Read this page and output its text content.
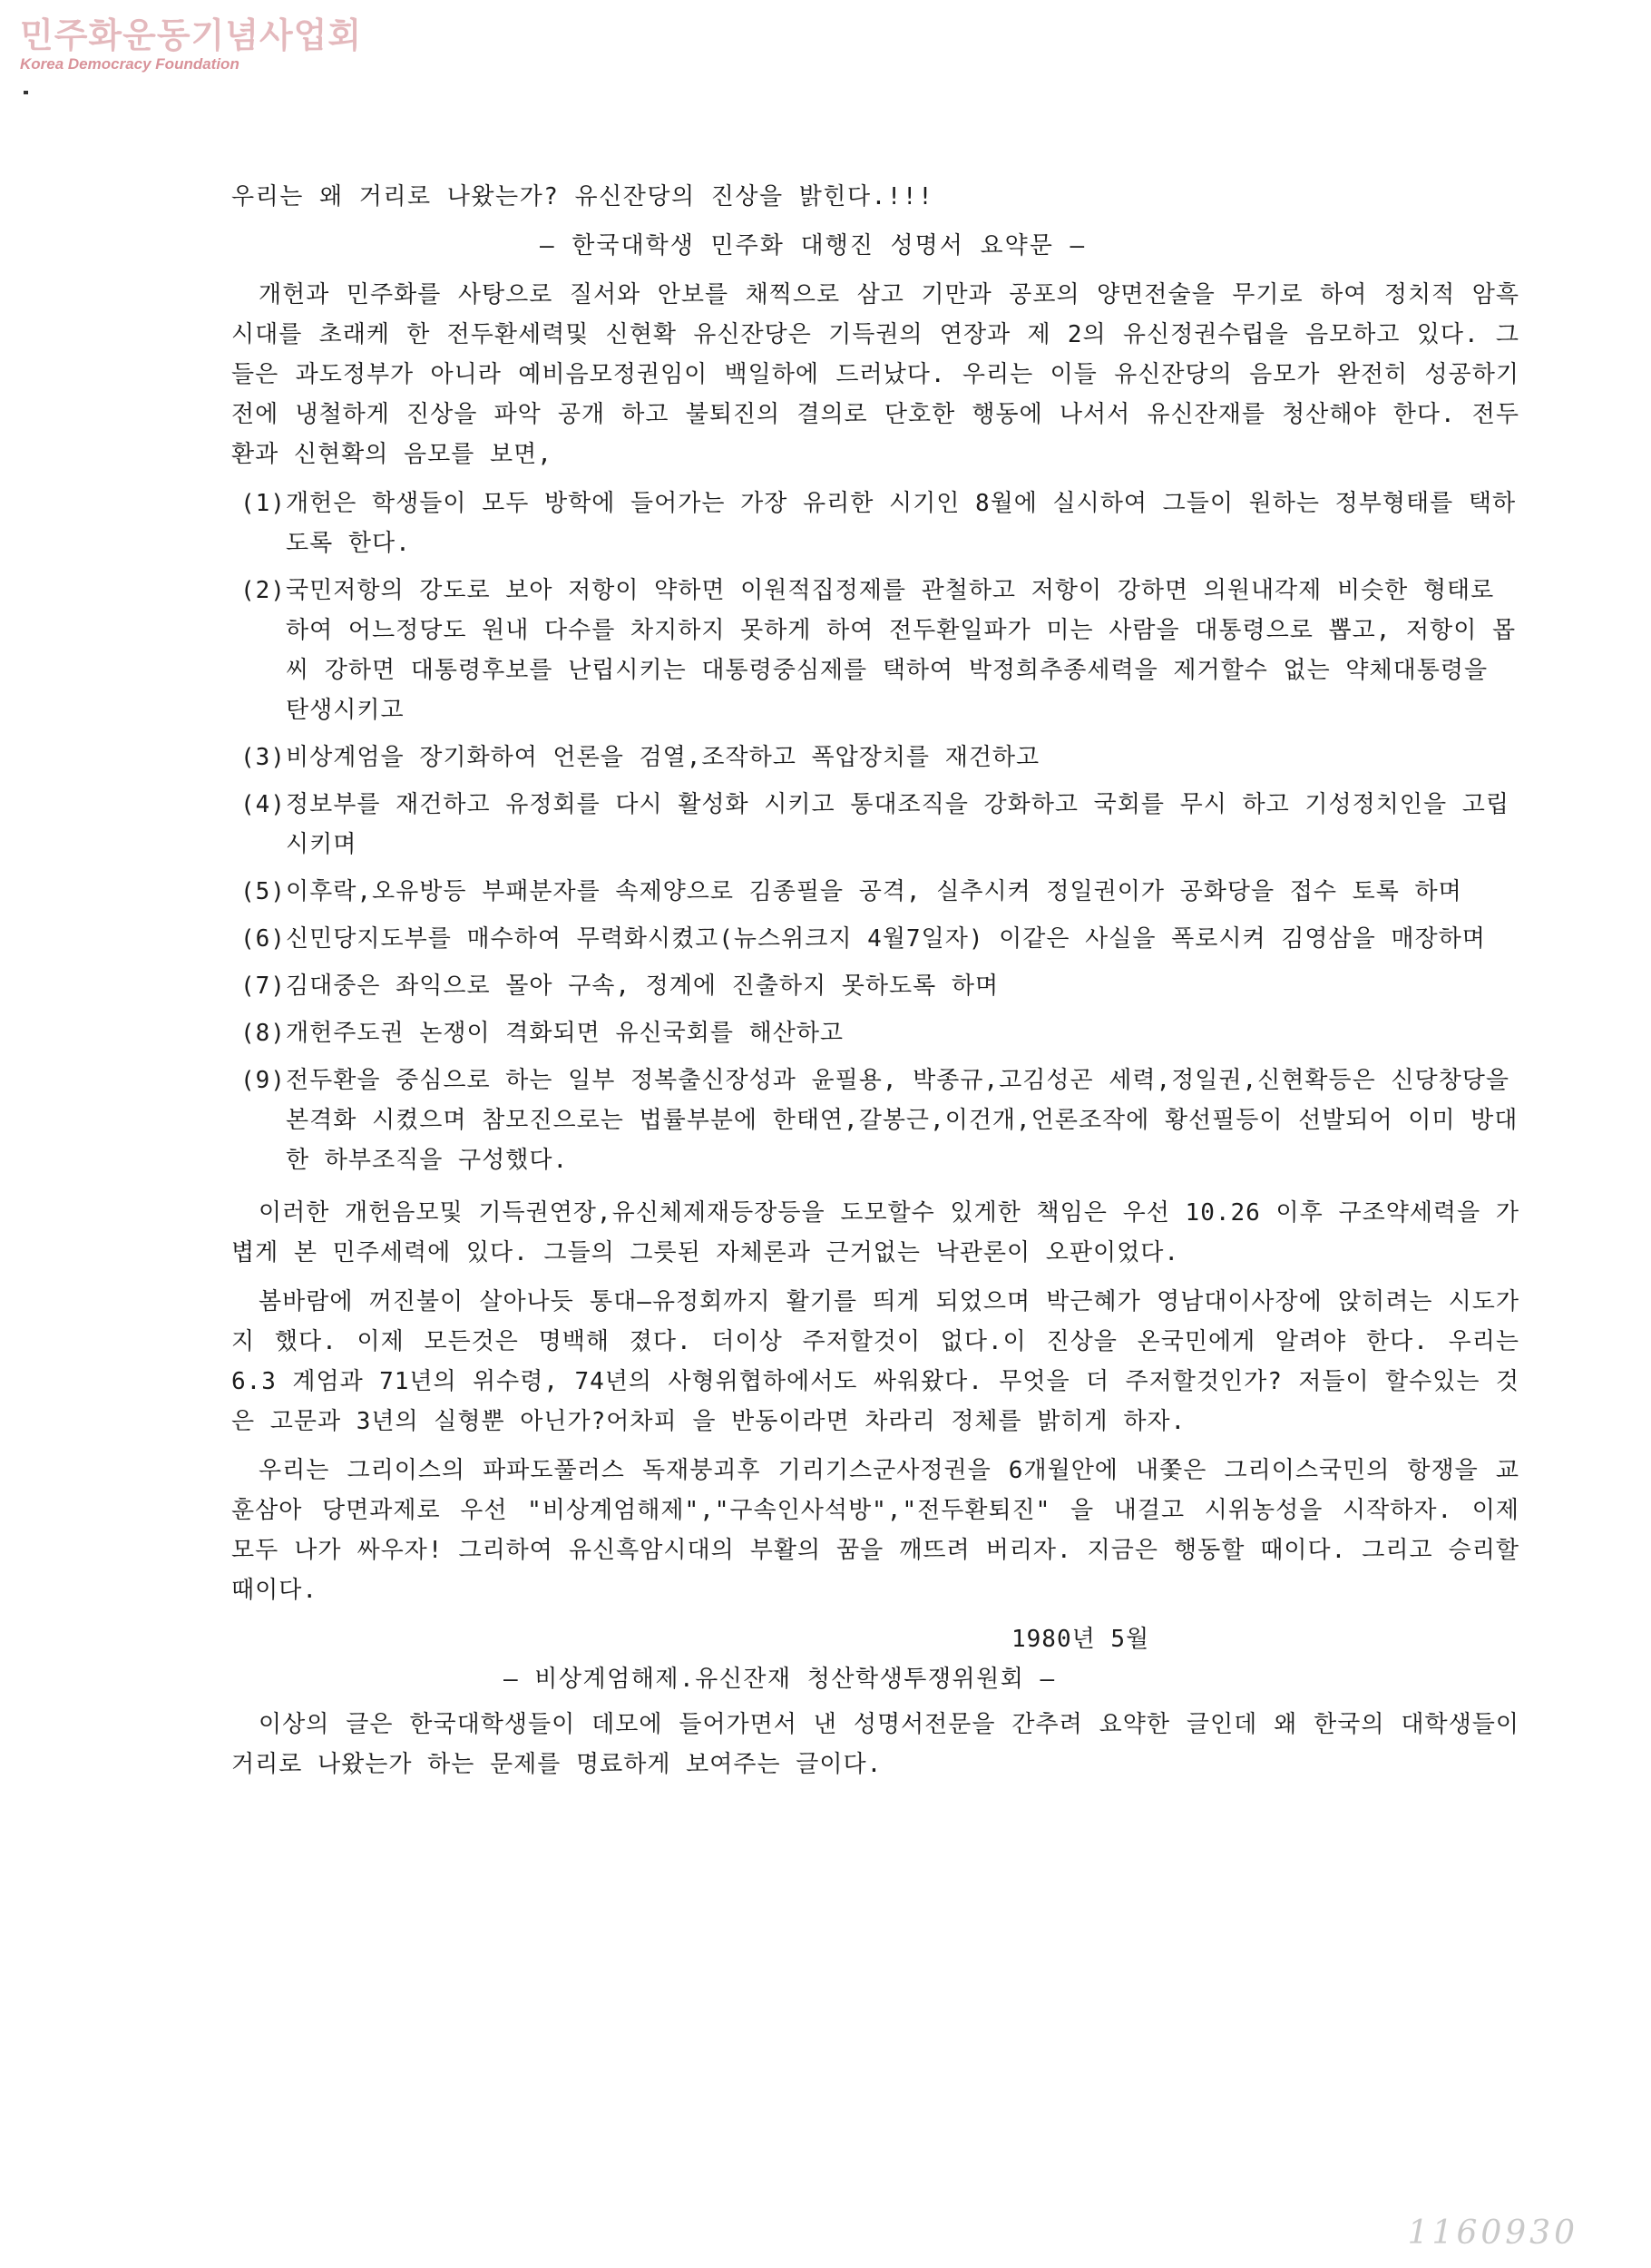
민주화운동기념사업회
Korea Democracy Foundation

우리는 왜 거리로 나왔는가? 유신잔당의 진상을 밝힌다.!!!

— 한국대학생 민주화 대행진 성명서 요약문 —

개헌과 민주화를 사탕으로 질서와 안보를 채찍으로 삼고 기만과 공포의 양면전술을 무기로 하여 정치적 암흑시대를 초래케 한 전두환세력및 신현확 유신잔당은 기득권의 연장과 제 2의 유신정권수립을 음모하고 있다. 그들은 과도정부가 아니라 예비음모정권임이 백일하에 드러났다. 우리는 이들 유신잔당의 음모가 완전히 성공하기 전에 냉철하게 진상을 파악 공개 하고 불퇴진의 결의로 단호한 행동에 나서서 유신잔재를 청산해야 한다. 전두환과 신현확의 음모를 보면,

(1) 개헌은 학생들이 모두 방학에 들어가는 가장 유리한 시기인 8월에 실시하여 그들이 원하는 정부형태를 택하도록 한다.
(2) 국민저항의 강도로 보아 저항이 약하면 이원적집정제를 관철하고 저항이 강하면 의원내각제 비슷한 형태로 하여 어느정당도 원내 다수를 차지하지 못하게 하여 전두환일파가 미는 사람을 대통령으로 뽑고, 저항이 몹씨 강하면 대통령후보를 난립시키는 대통령중심제를 택하여 박정희추종세력을 제거할수 없는 약체대통령을 탄생시키고
(3) 비상계엄을 장기화하여 언론을 검열,조작하고 폭압장치를 재건하고
(4) 정보부를 재건하고 유정회를 다시 활성화 시키고 통대조직을 강화하고 국회를 무시 하고 기성정치인을 고립시키며
(5) 이후락,오유방등 부패분자를 속제양으로 김종필을 공격, 실추시켜 정일권이가 공화당을 접수 토록 하며
(6) 신민당지도부를 매수하여 무력화시켰고(뉴스위크지 4월7일자) 이같은 사실을 폭로시켜 김영삼을 매장하며
(7) 김대중은 좌익으로 몰아 구속, 정계에 진출하지 못하도록 하며
(8) 개헌주도권 논쟁이 격화되면 유신국회를 해산하고
(9) 전두환을 중심으로 하는 일부 정복출신장성과 윤필용, 박종규,고김성곤 세력,정일권,신현확등은 신당창당을 본격화 시켰으며 참모진으로는 법률부분에 한태연,갈봉근,이건개,언론조작에 황선필등이 선발되어 이미 방대한 하부조직을 구성했다.

이러한 개헌음모및 기득권연장,유신체제재등장등을 도모할수 있게한 책임은 우선 10.26 이후 구조약세력을 가볍게 본 민주세력에 있다. 그들의 그릇된 자체론과 근거없는 낙관론이 오판이었다.

봄바람에 꺼진불이 살아나듯 통대—유정회까지 활기를 띄게 되었으며 박근혜가 영남대이사장에 앉히려는 시도가지 했다. 이제 모든것은 명백해 졌다. 더이상 주저할것이 없다.이 진상을 온국민에게 알려야 한다. 우리는 6.3 계엄과 71년의 위수령, 74년의 사형위협하에서도 싸워왔다. 무엇을 더 주저할것인가? 저들이 할수있는 것은 고문과 3년의 실형뿐 아닌가?어차피 을 반동이라면 차라리 정체를 밝히게 하자.

우리는 그리이스의 파파도풀러스 독재붕괴후 기리기스군사정권을 6개월안에 내쫓은 그리이스국민의 항쟁을 교훈삼아 당면과제로 우선 "비상계엄해제","구속인사석방","전두환퇴진" 을 내걸고 시위농성을 시작하자. 이제 모두 나가 싸우자! 그리하여 유신흑암시대의 부활의 꿈을 깨뜨려 버리자. 지금은 행동할 때이다. 그리고 승리할 때이다.

1980년 5월

— 비상계엄해제.유신잔재 청산학생투쟁위원회 —

이상의 글은 한국대학생들이 데모에 들어가면서 낸 성명서전문을 간추려 요약한 글인데 왜 한국의 대학생들이 거리로 나왔는가 하는 문제를 명료하게 보여주는 글이다.

1160930
